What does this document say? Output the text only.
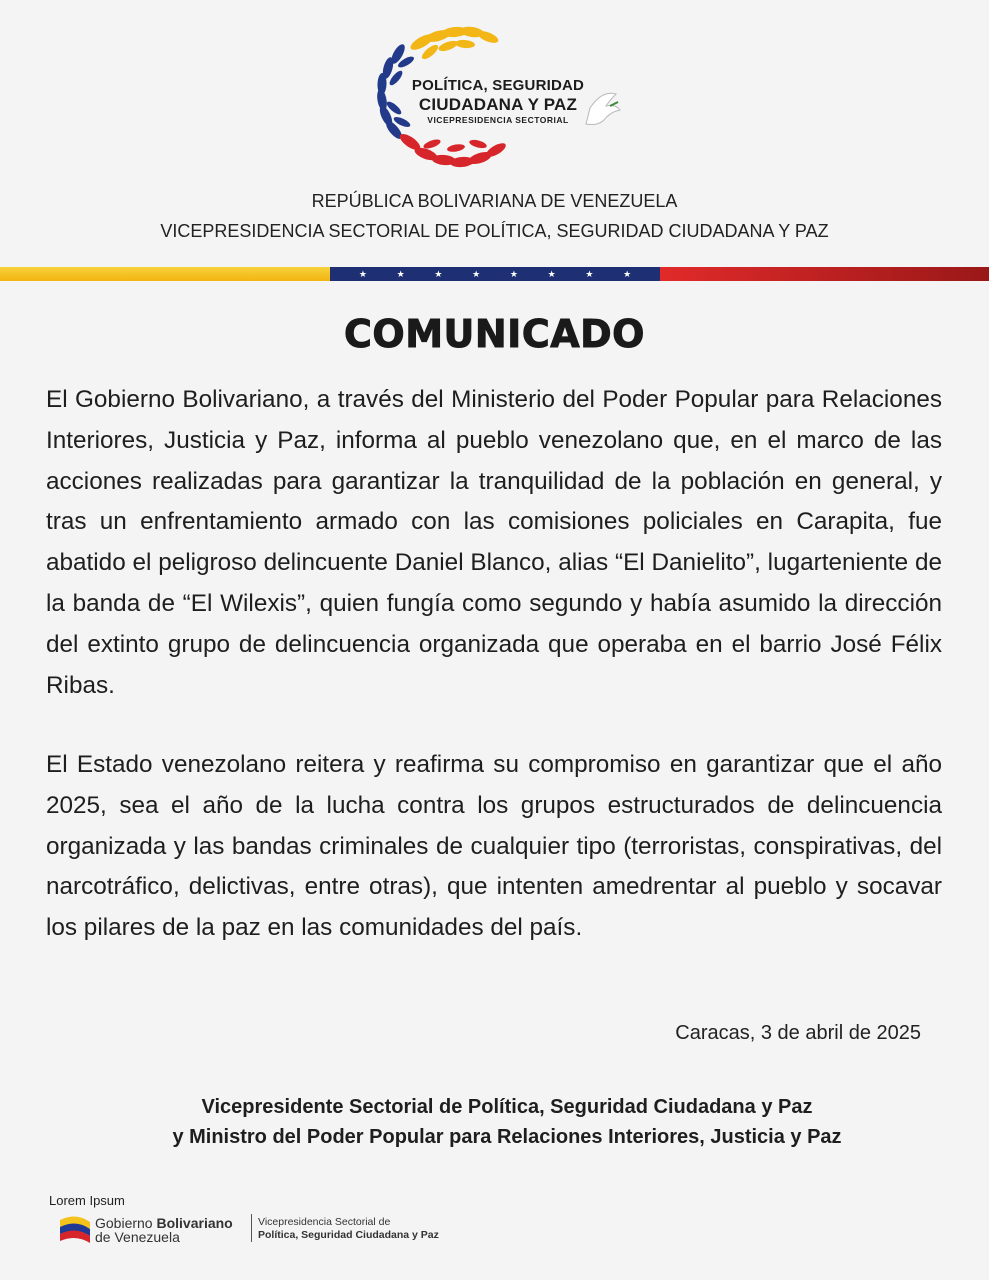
POLÍTICA, SEGURIDAD
CIUDADANA Y PAZ
VICEPRESIDENCIA SECTORIAL
REPÚBLICA BOLIVARIANA DE VENEZUELA
VICEPRESIDENCIA SECTORIAL DE POLÍTICA, SEGURIDAD CIUDADANA Y PAZ
★	★	★	★	★	★	★	★
COMUNICADO

El Gobierno Bolivariano, a través del Ministerio del Poder Popular para Relaciones Interiores, Justicia y Paz, informa al pueblo venezolano que, en el marco de las acciones realizadas para garantizar la tranquilidad de la población en general, y tras un enfrentamiento armado con las comisiones policiales en Carapita, fue abatido el peligroso delincuente Daniel Blanco, alias “El Danielito”, lugarteniente de la banda de “El Wilexis”, quien fungía como segundo y había asumido la dirección del extinto grupo de delincuencia organizada que operaba en el barrio José Félix Ribas.

El Estado venezolano reitera y reafirma su compromiso en garantizar que el año 2025, sea el año de la lucha contra los grupos estructurados de delincuencia organizada y las bandas criminales de cualquier tipo (terroristas, conspirativas, del narcotráfico, delictivas, entre otras), que intenten amedrentar al pueblo y socavar los pilares de la paz en las comunidades del país.

Caracas, 3 de abril de 2025
Vicepresidente Sectorial de Política, Seguridad Ciudadana y Paz
y Ministro del Poder Popular para Relaciones Interiores, Justicia y Paz
Lorem Ipsum
Gobierno Bolivariano
de Venezuela
Vicepresidencia Sectorial de
Política, Seguridad Ciudadana y Paz
